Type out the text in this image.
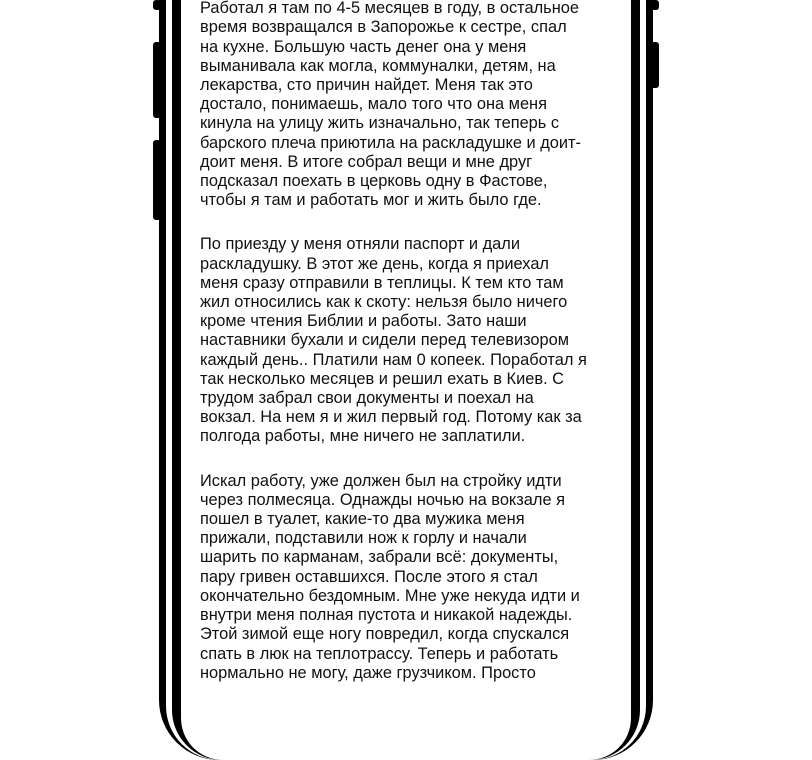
Работал я там по 4-5 месяцев в году, в остальное
время возвращался в Запорожье к сестре, спал
на кухне. Большую часть денег она у меня
выманивала как могла, коммуналки, детям, на
лекарства, сто причин найдет. Меня так это
достало, понимаешь, мало того что она меня
кинула на улицу жить изначально, так теперь с
барского плеча приютила на раскладушке и доит-
доит меня. В итоге собрал вещи и мне друг
подсказал поехать в церковь одну в Фастове,
чтобы я там и работать мог и жить было где.

По приезду у меня отняли паспорт и дали
раскладушку. В этот же день, когда я приехал
меня сразу отправили в теплицы. К тем кто там
жил относились как к скоту: нельзя было ничего
кроме чтения Библии и работы. Зато наши
наставники бухали и сидели перед телевизором
каждый день.. Платили нам 0 копеек. Поработал я
так несколько месяцев и решил ехать в Киев. С
трудом забрал свои документы и поехал на
вокзал. На нем я и жил первый год. Потому как за
полгода работы, мне ничего не заплатили.

Искал работу, уже должен был на стройку идти
через полмесяца. Однажды ночью на вокзале я
пошел в туалет, какие-то два мужика меня
прижали, подставили нож к горлу и начали
шарить по карманам, забрали всё: документы,
пару гривен оставшихся. После этого я стал
окончательно бездомным. Мне уже некуда идти и
внутри меня полная пустота и никакой надежды.
Этой зимой еще ногу повредил, когда спускался
спать в люк на теплотрассу. Теперь и работать
нормально не могу, даже грузчиком. Просто
